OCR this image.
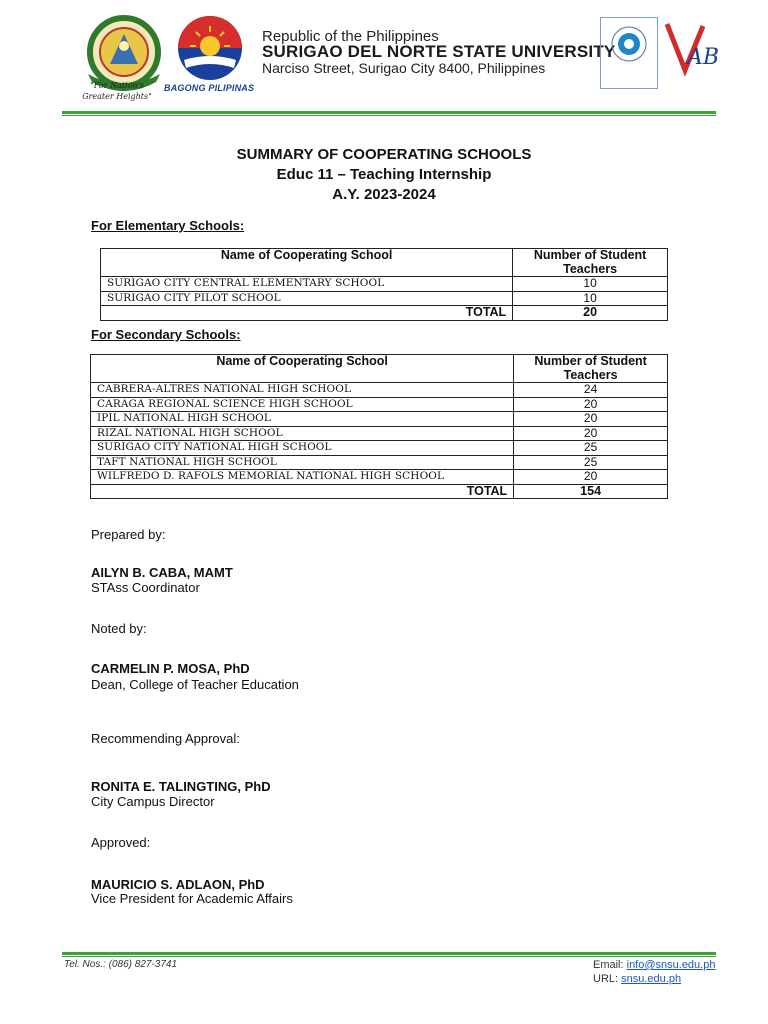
"For Nation's
Greater Heights"
BAGONG PILIPINAS
Republic of the Philippines
SURIGAO DEL NORTE STATE UNIVERSITY
Narciso Street, Surigao City 8400, Philippines	AB
SUMMARY OF COOPERATING SCHOOLS
Educ 11 – Teaching Internship
A.Y. 2023-2024
For Elementary Schools:
Name of Cooperating School	Number of Student Teachers
SURIGAO CITY CENTRAL ELEMENTARY SCHOOL	10
SURIGAO CITY PILOT SCHOOL	10
TOTAL	20
For Secondary Schools:
Name of Cooperating School	Number of Student Teachers
CABRERA-ALTRES NATIONAL HIGH SCHOOL	24
CARAGA REGIONAL SCIENCE HIGH SCHOOL	20
IPIL NATIONAL HIGH SCHOOL	20
RIZAL NATIONAL HIGH SCHOOL	20
SURIGAO CITY NATIONAL HIGH SCHOOL	25
TAFT NATIONAL HIGH SCHOOL	25
WILFREDO D. RAFOLS MEMORIAL NATIONAL HIGH SCHOOL	20
TOTAL	154
Prepared by:
AILYN B. CABA, MAMT
STAss Coordinator
Noted by:
CARMELIN P. MOSA, PhD
Dean, College of Teacher Education
Recommending Approval:
RONITA E. TALINGTING, PhD
City Campus Director
Approved:
MAURICIO S. ADLAON, PhD
Vice President for Academic Affairs
Tel. Nos.: (086) 827-3741	Email: info@snsu.edu.ph
URL: snsu.edu.ph
